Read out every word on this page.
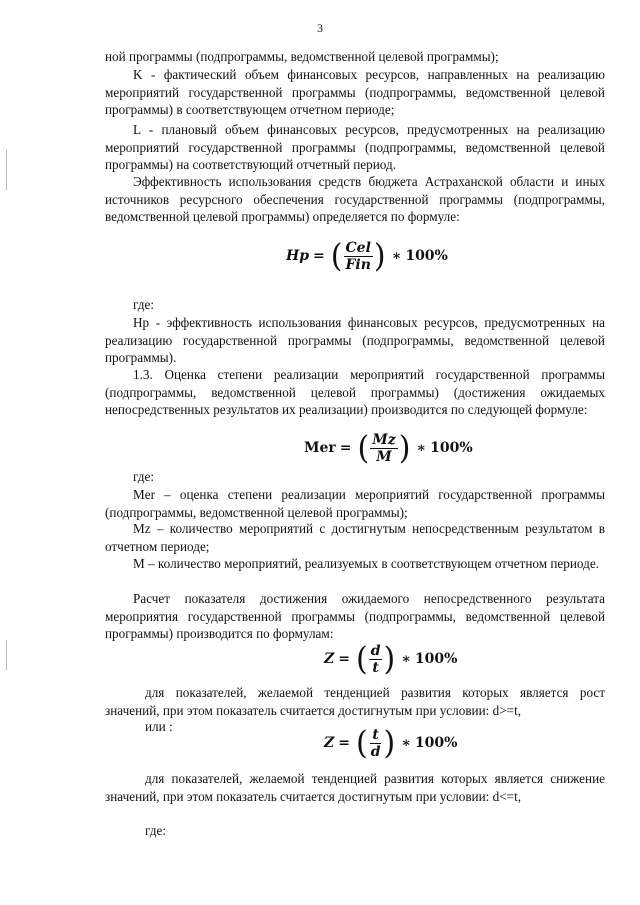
3
ной программы (подпрограммы, ведомственной целевой программы);
K - фактический объем финансовых ресурсов, направленных на реализацию мероприятий государственной программы (подпрограммы, ведомственной целевой программы) в соответствующем отчетном периоде;
L - плановый объем финансовых ресурсов, предусмотренных на реализацию мероприятий государственной программы (подпрограммы, ведомственной целевой программы) на соответствующий отчетный период.
Эффективность использования средств бюджета Астраханской области и иных источников ресурсного обеспечения государственной программы (подпрограммы, ведомственной целевой программы) определяется по формуле:
Hp = ( $\frac{\text{Cel}}{\text{Fin}}$ ) ∗ 100%
где:
Hp - эффективность использования финансовых ресурсов, предусмотренных на реализацию государственной программы (подпрограммы, ведомственной целевой программы).
1.3. Оценка степени реализации мероприятий государственной программы (подпрограммы, ведомственной целевой программы) (достижения ожидаемых непосредственных результатов их реализации) производится по следующей формуле:
Mer = ( $\frac{Mz}{M}$ ) ∗ 100%
где:
Mer – оценка степени реализации мероприятий государственной программы (подпрограммы, ведомственной целевой программы);
Mz – количество мероприятий с достигнутым непосредственным результатом в отчетном периоде;
M – количество мероприятий, реализуемых в соответствующем отчетном периоде.
Расчет показателя достижения ожидаемого непосредственного результата мероприятия государственной программы (подпрограммы, ведомственной целевой программы) производится по формулам:
Z = ( $\frac{d}{t}$ ) ∗ 100%
для показателей, желаемой тенденцией развития которых является рост значений, при этом показатель считается достигнутым при условии: d>=t,
или :
Z = ( $\frac{t}{d}$ ) ∗ 100%
для показателей, желаемой тенденцией развития которых является снижение значений, при этом показатель считается достигнутым при условии: d<=t,
где:
